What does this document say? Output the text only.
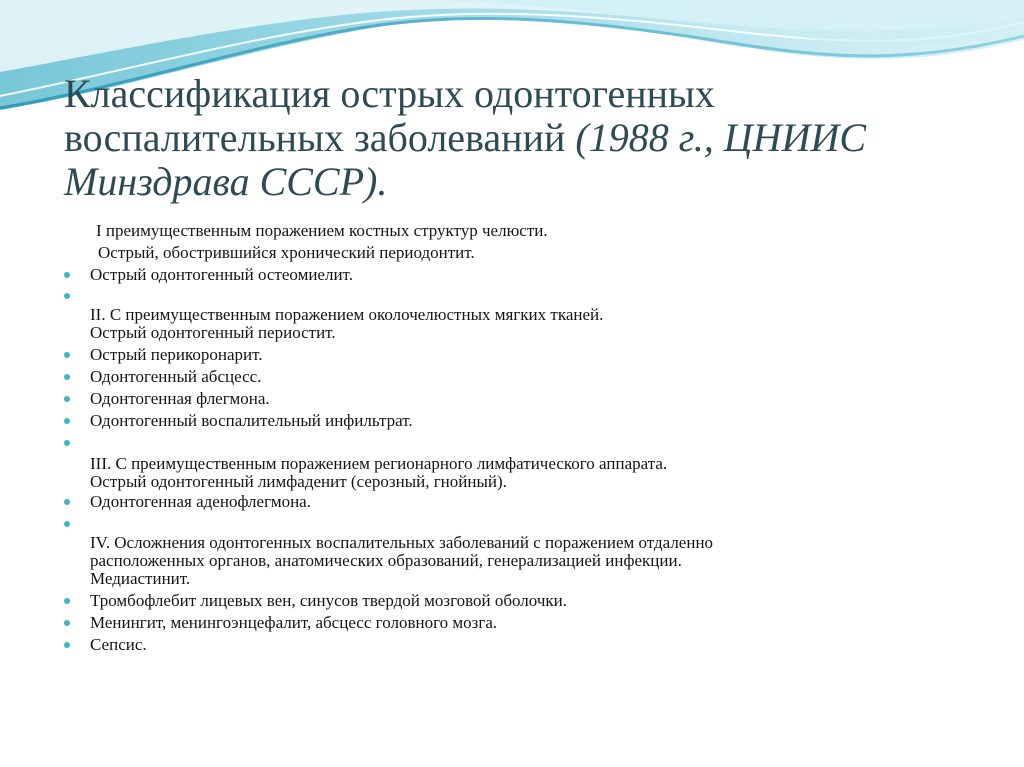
Классификация острых одонтогенных
воспалительных заболеваний (1988 г., ЦНИИС
Минздрава СССР).
I преимущественным поражением костных структур челюсти.
Острый, обострившийся хронический периодонтит.
Острый одонтогенный остеомиелит.

II. С преимущественным поражением околочелюстных мягких тканей.
Острый одонтогенный периостит.
Острый перикоронарит.
Одонтогенный абсцесс.
Одонтогенная флегмона.
Одонтогенный воспалительный инфильтрат.

III. С преимущественным поражением регионарного лимфатического аппарата.
Острый одонтогенный лимфаденит (серозный, гнойный).
Одонтогенная аденофлегмона.

IV. Осложнения одонтогенных воспалительных заболеваний с поражением отдаленно
расположенных органов, анатомических образований, генерализацией инфекции.
Медиастинит.
Тромбофлебит лицевых вен, синусов твердой мозговой оболочки.
Менингит, менингоэнцефалит, абсцесс головного мозга.
Сепсис.
